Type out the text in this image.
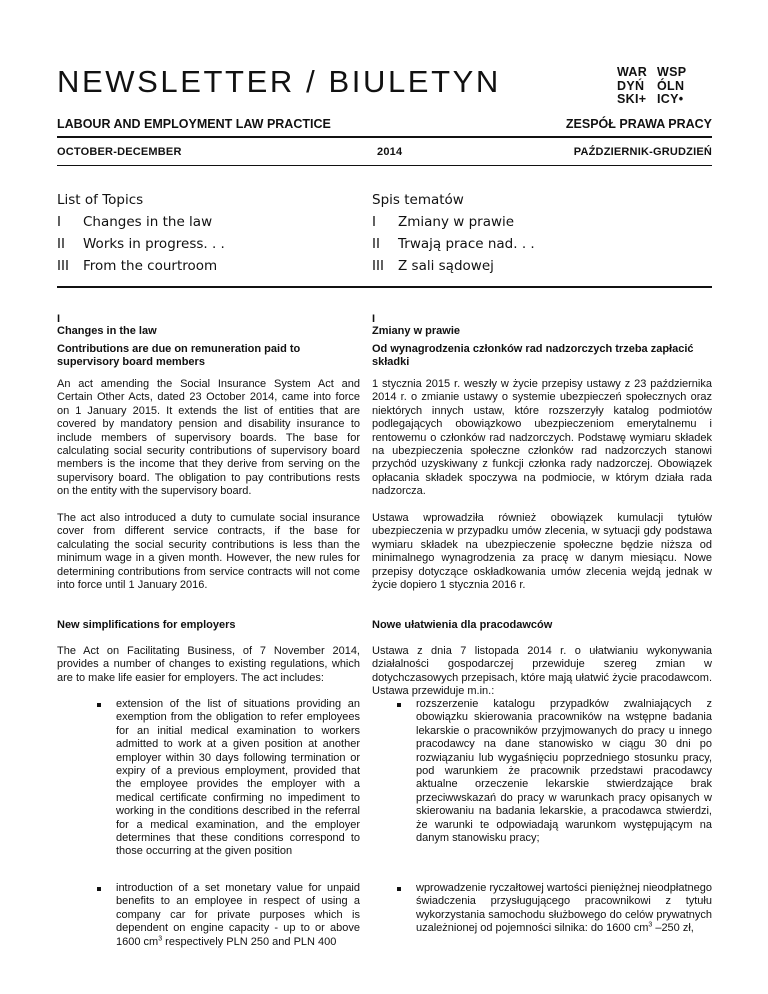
NEWSLETTER / BIULETYN	WAR
DYŃ
SKI+
WSP
ÓLN
ICY•
LABOUR AND EMPLOYMENT LAW PRACTICE	ZESPÓŁ PRAWA PRACY
OCTOBER-DECEMBER	2014	PAŹDZIERNIK-GRUDZIEŃ
List of Topics
I Changes in the law
II Works in progress. . .
III From the courtroom
Spis tematów
I Zmiany w prawie
II Trwają prace nad. . .
III Z sali sądowej
I
Changes in the law
I
Zmiany w prawie
Contributions are due on remuneration paid to supervisory board members
Od wynagrodzenia członków rad nadzorczych trzeba zapłacić składki
An act amending the Social Insurance System Act and Certain Other Acts, dated 23 October 2014, came into force on 1 January 2015. It extends the list of entities that are covered by mandatory pension and disability insurance to include members of supervisory boards. The base for calculating social security contributions of supervisory board members is the income that they derive from serving on the supervisory board. The obligation to pay contributions rests on the entity with the supervisory board.
1 stycznia 2015 r. weszły w życie przepisy ustawy z 23 października 2014 r. o zmianie ustawy o systemie ubezpieczeń społecznych oraz niektórych innych ustaw, które rozszerzyły katalog podmiotów podlegających obowiązkowo ubezpieczeniom emerytalnemu i rentowemu o członków rad nadzorczych. Podstawę wymiaru składek na ubezpieczenia społeczne członków rad nadzorczych stanowi przychód uzyskiwany z funkcji członka rady nadzorczej. Obowiązek opłacania składek spoczywa na podmiocie, w którym działa rada nadzorcza.
The act also introduced a duty to cumulate social insurance cover from different service contracts, if the base for calculating the social security contributions is less than the minimum wage in a given month. However, the new rules for determining contributions from service contracts will not come into force until 1 January 2016.
Ustawa wprowadziła również obowiązek kumulacji tytułów ubezpieczenia w przypadku umów zlecenia, w sytuacji gdy podstawa wymiaru składek na ubezpieczenie społeczne będzie niższa od minimalnego wynagrodzenia za pracę w danym miesiącu. Nowe przepisy dotyczące oskładkowania umów zlecenia wejdą jednak w życie dopiero 1 stycznia 2016 r.
New simplifications for employers	Nowe ułatwienia dla pracodawców
The Act on Facilitating Business, of 7 November 2014, provides a number of changes to existing regulations, which are to make life easier for employers. The act includes:
Ustawa z dnia 7 listopada 2014 r. o ułatwianiu wykonywania działalności gospodarczej przewiduje szereg zmian w dotychczasowych przepisach, które mają ułatwić życie pracodawcom. Ustawa przewiduje m.in.:
extension of the list of situations providing an exemption from the obligation to refer employees for an initial medical examination to workers admitted to work at a given position at another employer within 30 days following termination or expiry of a previous employment, provided that the employee provides the employer with a medical certificate confirming no impediment to working in the conditions described in the referral for a medical examination, and the employer determines that these conditions correspond to those occurring at the given position
rozszerzenie katalogu przypadków zwalniających z obowiązku skierowania pracowników na wstępne badania lekarskie o pracowników przyjmowanych do pracy u innego pracodawcy na dane stanowisko w ciągu 30 dni po rozwiązaniu lub wygaśnięciu poprzedniego stosunku pracy, pod warunkiem że pracownik przedstawi pracodawcy aktualne orzeczenie lekarskie stwierdzające brak przeciwwskazań do pracy w warunkach pracy opisanych w skierowaniu na badania lekarskie, a pracodawca stwierdzi, że warunki te odpowiadają warunkom występującym na danym stanowisku pracy;
introduction of a set monetary value for unpaid benefits to an employee in respect of using a company car for private purposes which is dependent on engine capacity - up to or above 1600 $cm^3$ respectively PLN 250 and PLN 400
wprowadzenie ryczałtowej wartości pieniężnej nieodpłatnego świadczenia przysługującego pracownikowi z tytułu wykorzystania samochodu służbowego do celów prywatnych uzależnionej od pojemności silnika: do 1600 $cm^3$ –250 zł,
